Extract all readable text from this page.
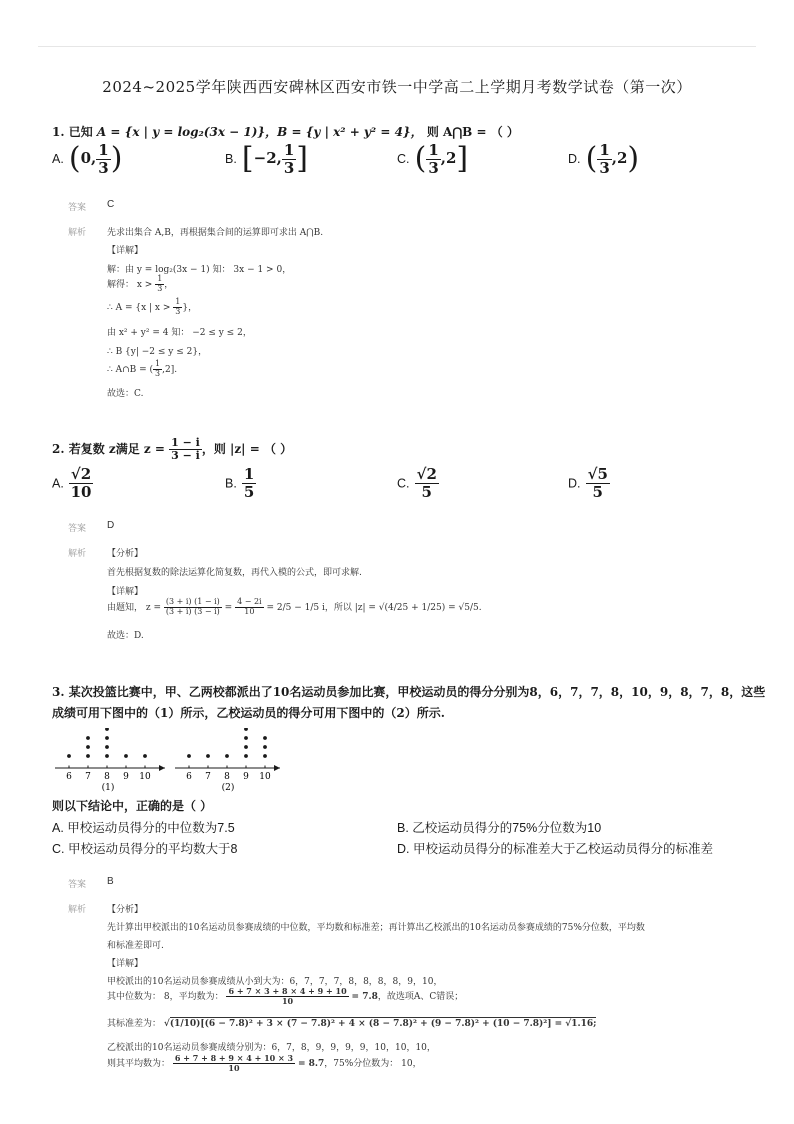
2024~2025学年陕西西安碑林区西安市铁一中学高二上学期月考数学试卷（第一次）
1. 已知 A = {x | y = log₂(3x − 1)}，B = {y | x² + y² = 4}， 则 A⋂B = （ ）
A. (0, $\frac{1}{3}$ )	B. [−2, $\frac{1}{3}$ ]	C. ( $\frac{1}{3} ,2$]	D. ( $\frac{1}{3} ,2$)
答案 C
解析 先求出集合 A,B，再根据集合间的运算即可求出 A⋂B.
【详解】
解：由 y = log₂(3x − 1) 知： 3x − 1 > 0，
解得： $x > \frac{1}{3}$ ，
∴ A = {x | $x > \frac{1}{3}$ }，
由 x² + y² = 4 知： −2 ≤ y ≤ 2，
∴ B {y| −2 ≤ y ≤ 2}，
∴ A∩B = ( $\frac{1}{3} ,2$].
故选：C.
2. 若复数 z满足 $z = \frac{1 - i}{3 - i}$ ，则 |z| = （ ）
A. $\frac{√2}{10}$	B. $\frac{1}{5}$	C. $\frac{√2}{5}$	D. $\frac{√5}{5}$
答案 D
解析 【分析】
首先根据复数的除法运算化简复数，再代入模的公式，即可求解.
【详解】
由题知， $z = \frac{(3 + i) (1 - i)}{(3 + i) (3 - i)} = \frac{4 - 2i}{10} = 2/5 - 1/5$ i，所以 |z| = √(4/25 + 1/25) = √5/5.
故选：D.
3. 某次投篮比赛中，甲、乙两校都派出了10名运动员参加比赛，甲校运动员的得分分别为8，6，7，7，8，10，9，8，7，8，这些
成绩可用下图中的（1）所示，乙校运动员的得分可用下图中的（2）所示.
6 7 8 9 10	6 7 8 9 10
(1)	(2)
则以下结论中，正确的是（ ）
A. 甲校运动员得分的中位数为7.5	B. 乙校运动员得分的75%分位数为10
C. 甲校运动员得分的平均数大于8	D. 甲校运动员得分的标准差大于乙校运动员得分的标准差
答案 B
解析 【分析】
先计算出甲校派出的10名运动员参赛成绩的中位数，平均数和标准差；再计算出乙校派出的10名运动员参赛成绩的75%分位数，平均数
和标准差即可.
【详解】
甲校派出的10名运动员参赛成绩从小到大为：6，7，7，7，8，8，8，8，9，10，
其中位数为： 8，平均数为： $\frac{6 + 7 \times 3 + 8 \times 4 + 9 + 10}{10} = 7.8$，故选项A、C错误；
其标准差为： √(1/10)[(6 − 7.8)² + 3 × (7 − 7.8)² + 4 × (8 − 7.8)² + (9 − 7.8)² + (10 − 7.8)²] = √1.16;
乙校派出的10名运动员参赛成绩分别为：6，7，8，9，9，9，9，10，10，10，
则其平均数为： $\frac{6 + 7 + 8 + 9 \times 4 + 10 \times 3}{10} = 8.7$，75%分位数为： 10，
